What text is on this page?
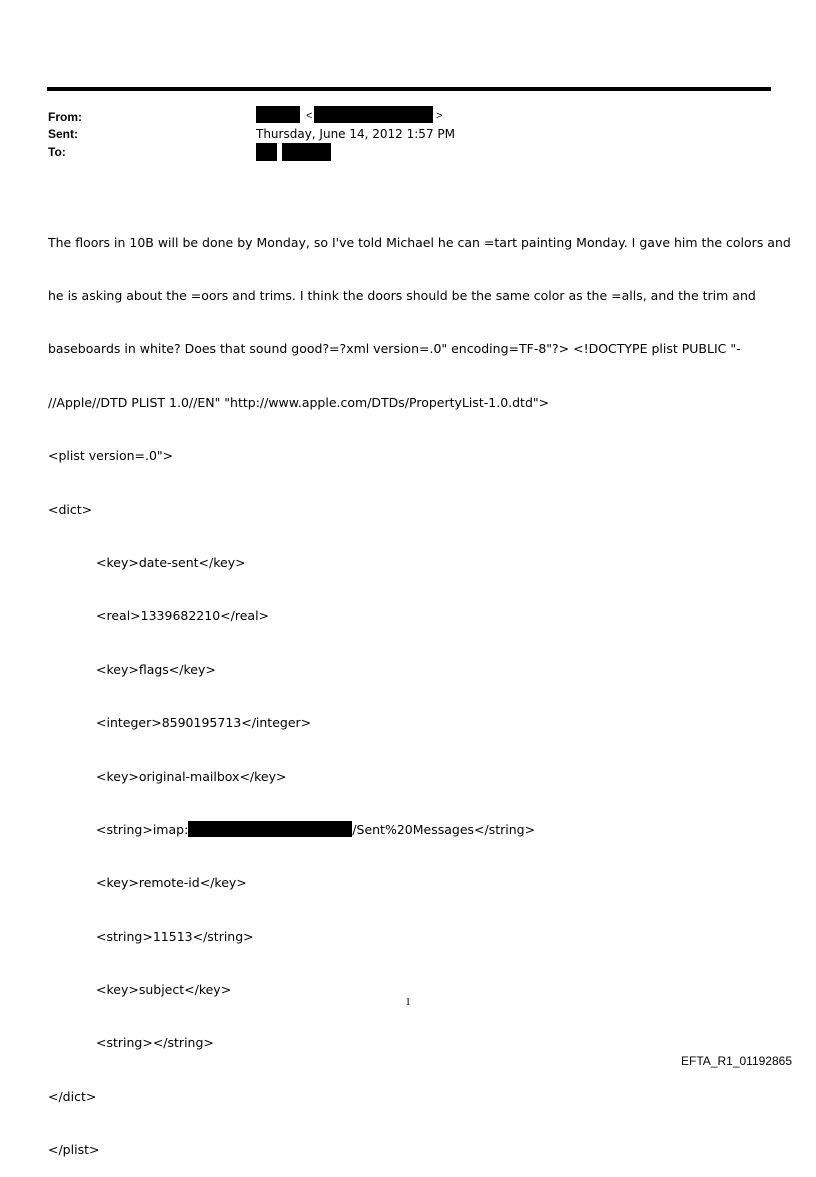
From:
Sent:
To:
<	>
Thursday, June 14, 2012 1:57 PM

The floors in 10B will be done by Monday, so I've told Michael he can =tart painting Monday. I gave him the colors and

he is asking about the =oors and trims. I think the doors should be the same color as the =alls, and the trim and

baseboards in white? Does that sound good?=?xml version=.0" encoding=TF-8"?> <!DOCTYPE plist PUBLIC "-

//Apple//DTD PLIST 1.0//EN" "http://www.apple.com/DTDs/PropertyList-1.0.dtd">

<plist version=.0">

<dict>

<key>date-sent</key>

<real>1339682210</real>

<key>flags</key>

<integer>8590195713</integer>

<key>original-mailbox</key>

<string>imap:	/Sent%20Messages</string>

<key>remote-id</key>

<string>11513</string>

<key>subject</key>

<string></string>

</dict>

</plist>

1
EFTA_R1_01192865
